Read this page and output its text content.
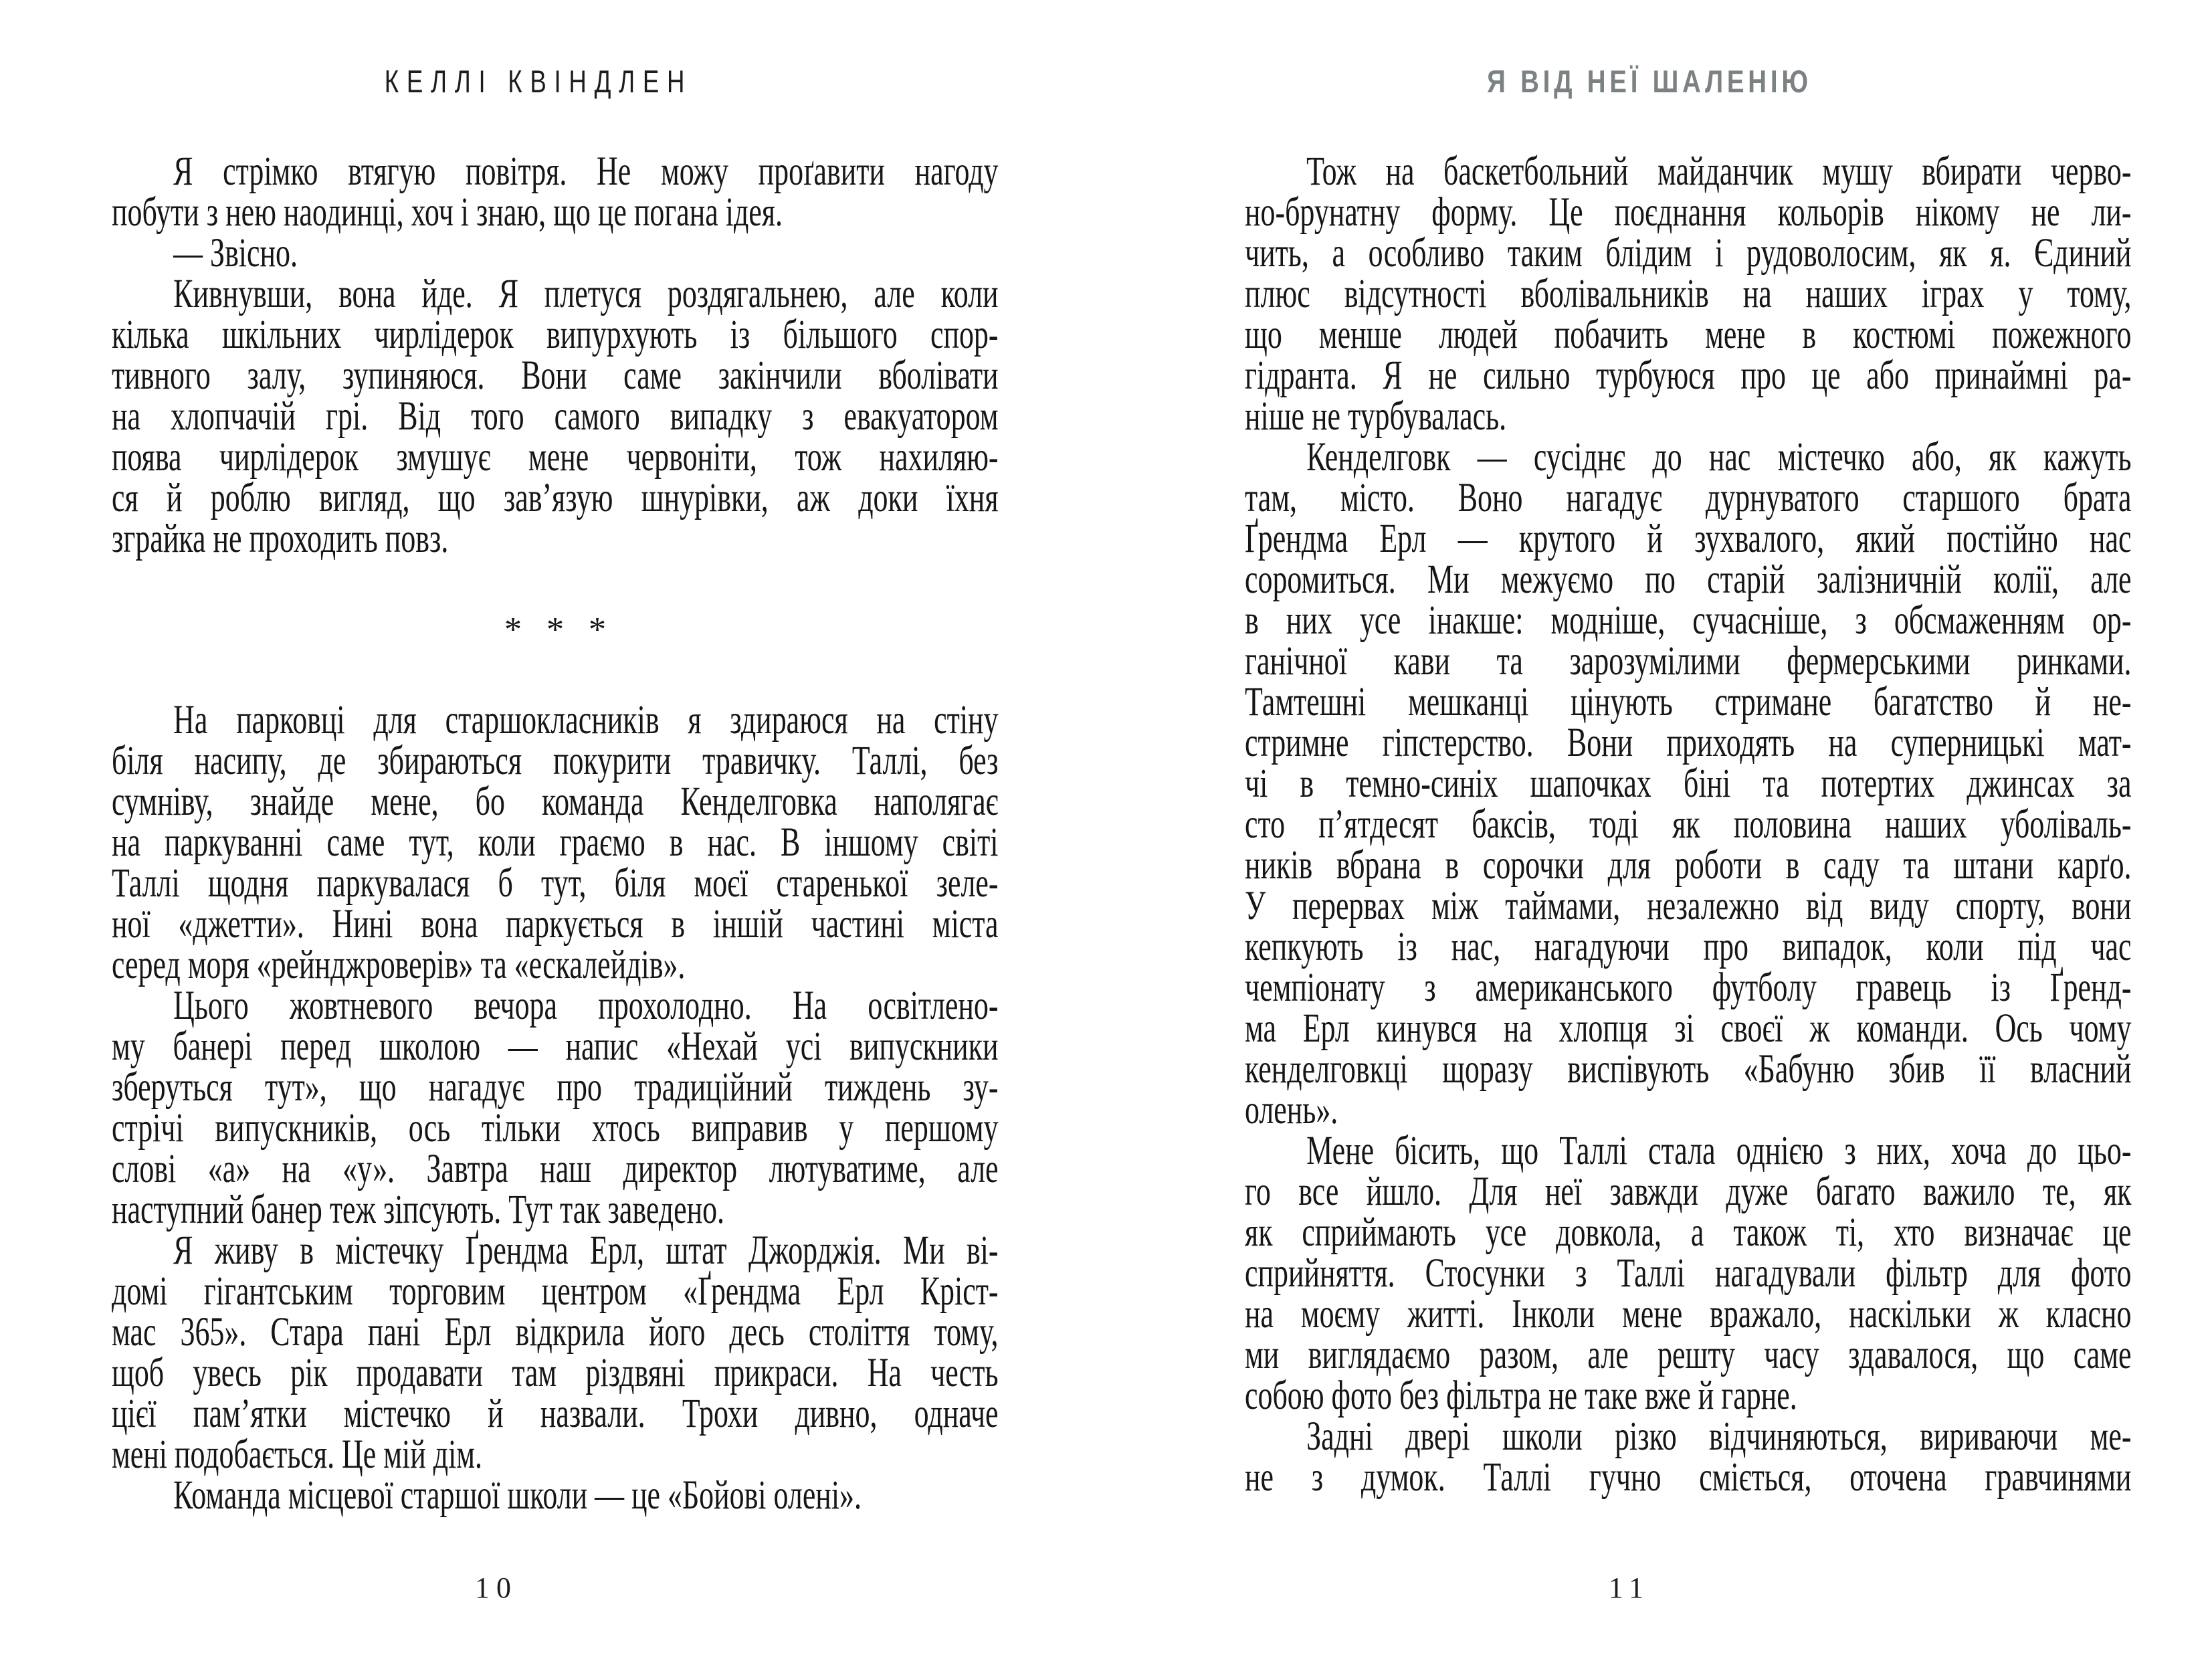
КЕЛЛІ КВІНДЛЕН
Я стрімко втягую повітря. Не можу проґавити нагоду
побути з нею наодинці, хоч і знаю, що це погана ідея.
— Звісно.
Кивнувши, вона йде. Я плетуся роздягальнею, але коли
кілька шкільних чирлідерок випурхують із більшого спор-
тивного залу, зупиняюся. Вони саме закінчили вболівати
на хлопчачій грі. Від того самого випадку з евакуатором
поява чирлідерок змушує мене червоніти, тож нахиляю-
ся й роблю вигляд, що зав’язую шнурівки, аж доки їхня
зграйка не проходить повз.
* * *
На парковці для старшокласників я здираюся на стіну
біля насипу, де збираються покурити травичку. Таллі, без
сумніву, знайде мене, бо команда Кенделговка наполягає
на паркуванні саме тут, коли граємо в нас. В іншому світі
Таллі щодня паркувалася б тут, біля моєї старенької зеле-
ної «джетти». Нині вона паркується в іншій частині міста
серед моря «рейнджроверів» та «ескалейдів».
Цього жовтневого вечора прохолодно. На освітлено-
му банері перед школою — напис «Нехай усі випускники
зберуться тут», що нагадує про традиційний тиждень зу-
стрічі випускників, ось тільки хтось виправив у першому
слові «а» на «у». Завтра наш директор лютуватиме, але
наступний банер теж зіпсують. Тут так заведено.
Я живу в містечку Ґрендма Ерл, штат Джорджія. Ми ві-
домі гігантським торговим центром «Ґрендма Ерл Кріст-
мас 365». Стара пані Ерл відкрила його десь століття тому,
щоб увесь рік продавати там різдвяні прикраси. На честь
цієї пам’ятки містечко й назвали. Трохи дивно, одначе
мені подобається. Це мій дім.
Команда місцевої старшої школи — це «Бойові олені».
10
Я ВІД НЕЇ ШАЛЕНІЮ
Тож на баскетбольний майданчик мушу вбирати черво-
но-брунатну форму. Це поєднання кольорів нікому не ли-
чить, а особливо таким блідим і рудоволосим, як я. Єдиний
плюс відсутності вболівальників на наших іграх у тому,
що менше людей побачить мене в костюмі пожежного
гідранта. Я не сильно турбуюся про це або принаймні ра-
ніше не турбувалась.
Кенделговк — сусіднє до нас містечко або, як кажуть
там, місто. Воно нагадує дурнуватого старшого брата
Ґрендма Ерл — крутого й зухвалого, який постійно нас
соромиться. Ми межуємо по старій залізничній колії, але
в них усе інакше: модніше, сучасніше, з обсмаженням ор-
ганічної кави та зарозумілими фермерськими ринками.
Тамтешні мешканці цінують стримане багатство й не-
стримне гіпстерство. Вони приходять на суперницькі мат-
чі в темно-синіх шапочках біні та потертих джинсах за
сто п’ятдесят баксів, тоді як половина наших уболіваль-
ників вбрана в сорочки для роботи в саду та штани карґо.
У перервах між таймами, незалежно від виду спорту, вони
кепкують із нас, нагадуючи про випадок, коли під час
чемпіонату з американського футболу гравець із Ґренд-
ма Ерл кинувся на хлопця зі своєї ж команди. Ось чому
кенделговкці щоразу виспівують «Бабуню збив її власний
олень».
Мене бісить, що Таллі стала однією з них, хоча до цьо-
го все йшло. Для неї завжди дуже багато важило те, як
як сприймають усе довкола, а також ті, хто визначає це
сприйняття. Стосунки з Таллі нагадували фільтр для фото
на моєму житті. Інколи мене вражало, наскільки ж класно
ми виглядаємо разом, але решту часу здавалося, що саме
собою фото без фільтра не таке вже й гарне.
Задні двері школи різко відчиняються, вириваючи ме-
не з думок. Таллі гучно сміється, оточена гравчинями
11
